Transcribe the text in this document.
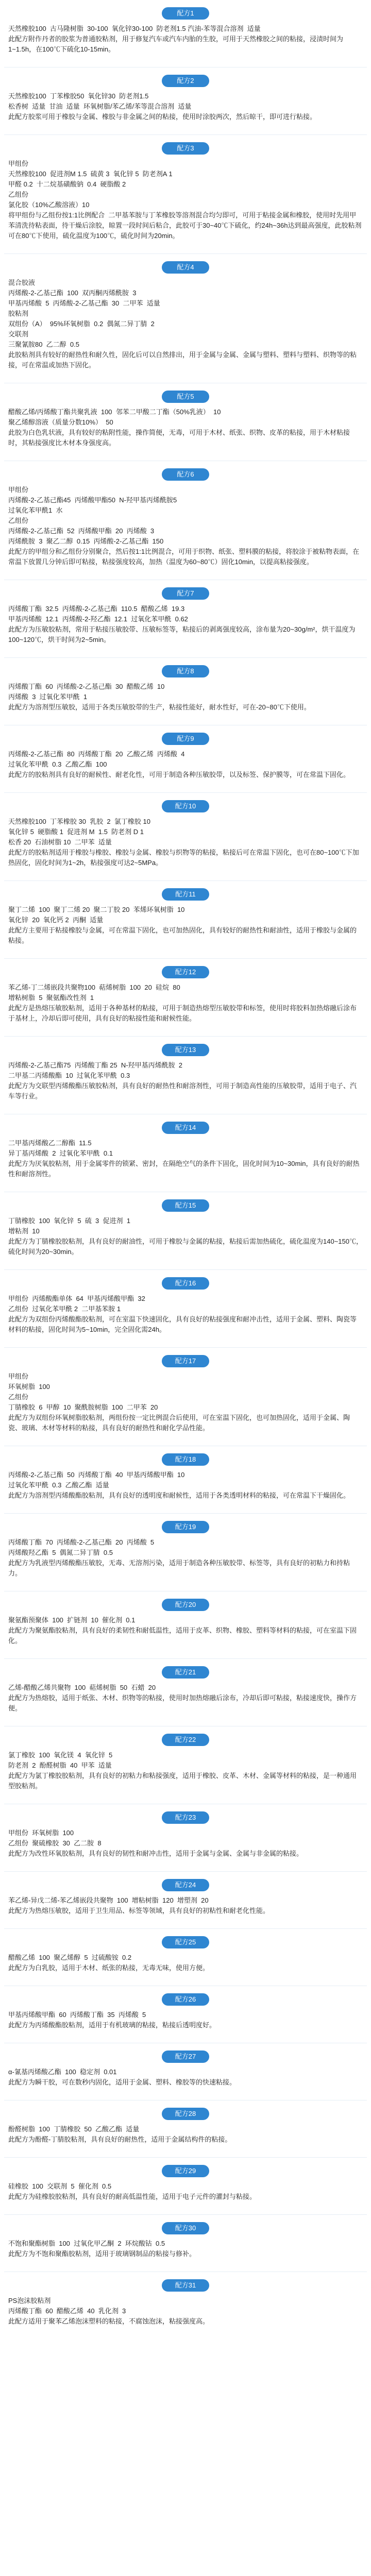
配方1
天然橡胶100  古马隆树脂  30-100  氧化锌30-100  防老剂1.5 汽油-苯等混合溶剂  适量
此配方附作丹者的胶浆为普通胶粘剂，用于修复汽车或汽车内胎的生胶，可用于天然橡胶之间的粘接，浸渍时间为1~1.5h，在100℃下硫化10-15min。
配方2
天然橡胶100  丁苯橡胶50  氧化锌30  防老剂1.5
松香树  适量  甘油  适量  环氧树脂/苯乙烯/苯等混合溶剂  适量
此配方胶浆可用于橡胶与金属、橡胶与非金属之间的粘接，使用时涂胶两次，然后晾干，即可进行粘接。
配方3
甲组份
天然橡胶100  促进剂M 1.5  硫黄 3  氧化锌 5  防老剂A 1
甲醛 0.2  十二烷基磺酸钠  0.4  硬脂酸 2
乙组份
氯化胶（10%乙酸溶液）10
将甲组份与乙组份按1:1比例配合  二甲基苯胺与丁苯橡胶等溶剂混合均匀即可，可用于粘接金属和橡胶，使用时先用甲苯清洗待粘表面，待干燥后涂胶，晾置一段时间后粘合，此胶可于30~40℃下硫化，约24h~36h达到最高强度，此胶粘剂可在80℃下使用，硫化温度为100℃，硫化时间为20min。
配方4
混合胶液
丙烯酸-2-乙基己酯  100  双丙酮丙烯酰胺  3
甲基丙烯酸  5  丙烯酸-2-乙基己酯  30  二甲苯  适量
胶粘剂
双组份（A）  95%环氧树脂  0.2  偶氮二异丁腈  2
交联剂
三聚氰胺80  乙二醇  0.5
此胶粘剂具有较好的耐热性和耐久性，固化后可以自然排出，用于金属与金属、金属与塑料、塑料与塑料、织物等的粘接，可在常温或加热下固化。
配方5
醋酸乙烯/丙烯酸丁酯共聚乳液  100  邻苯二甲酸二丁酯（50%乳液）  10
聚乙烯醇溶液（质量分数10%）  50
此胶为白色乳状液，具有较好的粘附性能，操作简便，无毒，可用于木材、纸张、织物、皮革的粘接，用于木材粘接时，其粘接强度比木材本身强度高。
配方6
甲组份
丙烯酸-2-乙基己酯45  丙烯酸甲酯50  N-羟甲基丙烯酰胺5
过氧化苯甲酰1  水
乙组份
丙烯酸-2-乙基己酯  52  丙烯酸甲酯  20  丙烯酸  3
丙烯酰胺  3  聚乙二醇  0.15  丙烯酸-2-乙基己酯  150
此配方的甲组分和乙组份分别聚合，然后按1:1比例混合，可用于织物、纸张、塑料膜的粘接，将胶涂于被粘物表面，在常温下放置几分钟后即可粘接，粘接强度较高，加热（温度为60~80℃）固化10min，以提高粘接强度。
配方7
丙烯酸丁酯  32.5  丙烯酸-2-乙基己酯  110.5  醋酸乙烯  19.3
甲基丙烯酸  12.1  丙烯酸-2-羟乙酯  12.1  过氧化苯甲酰  0.62
此配方为压敏胶粘剂，常用于粘接压敏胶带、压敏标签等，粘接后的剥离强度较高，涂布量为20~30g/m²，烘干温度为100~120℃，烘干时间为2~5min。
配方8
丙烯酸丁酯  60  丙烯酸-2-乙基己酯  30  醋酸乙烯  10
丙烯酸  3  过氧化苯甲酰  1
此配方为溶剂型压敏胶，适用于各类压敏胶带的生产，粘接性能好，耐水性好，可在-20~80℃下使用。
配方9
丙烯酸-2-乙基己酯  80  丙烯酸丁酯  20  乙酸乙烯  丙烯酸  4
过氧化苯甲酰  0.3  乙酸乙酯  100
此配方的胶粘剂具有良好的耐候性、耐老化性，可用于制造各种压敏胶带，以及标签、保护膜等，可在常温下固化。
配方10
天然橡胶100  丁苯橡胶 30  乳胶  2  氯丁橡胶 10
氧化锌 5  硬脂酸 1  促进剂 M  1.5  防老剂 D 1
松香 20  石油树脂 10  二甲苯  适量
此配方的胶粘剂适用于橡胶与橡胶、橡胶与金属、橡胶与织物等的粘接，粘接后可在常温下固化，也可在80~100℃下加热固化，固化时间为1~2h，粘接强度可达2~5MPa。
配方11
聚丁二烯  100  聚丁二烯 20  聚二丁胶 20  苯烯环氧树脂  10
氧化锌  20  氧化钙 2  丙酮  适量
此配方主要用于粘接橡胶与金属，可在常温下固化，也可加热固化，具有较好的耐热性和耐油性，适用于橡胶与金属的粘接。
配方12
苯乙烯-丁二烯嵌段共聚物100  萜烯树脂  100  20  硅烷  80
增粘树脂  5  聚氨酯改性剂  1
此配方是热熔压敏胶粘剂，适用于各种基材的粘接，可用于制造热熔型压敏胶带和标签，使用时将胶料加热熔融后涂布于基材上，冷却后即可使用，具有良好的粘接性能和耐候性能。
配方13
丙烯酸-2-乙基己酯75  丙烯酸丁酯 25  N-羟甲基丙烯酰胺  2
二甲基二丙烯酸酯  10  过氧化苯甲酰  0.3
此配方为交联型丙烯酸酯压敏胶粘剂，具有良好的耐热性和耐溶剂性，可用于制造高性能的压敏胶带，适用于电子、汽车等行业。
配方14
二甲基丙烯酸乙二醇酯  11.5
异丁基丙烯酸  2  过氧化苯甲酰  0.1
此配方为厌氧胶粘剂，用于金属零件的锁紧、密封，在隔绝空气的条件下固化，固化时间为10~30min，具有良好的耐热性和耐溶剂性。
配方15
丁腈橡胶  100  氧化锌  5  硫  3  促进剂  1
增粘剂  10
此配方为丁腈橡胶胶粘剂，具有良好的耐油性，可用于橡胶与金属的粘接，粘接后需加热硫化，硫化温度为140~150℃，硫化时间为20~30min。
配方16
甲组份  丙烯酸酯单体  64  甲基丙烯酸甲酯  32
乙组份  过氧化苯甲酰 2  二甲基苯胺 1
此配方为双组份丙烯酸酯胶粘剂，可在室温下快速固化，具有良好的粘接强度和耐冲击性，适用于金属、塑料、陶瓷等材料的粘接，固化时间为5~10min，完全固化需24h。
配方17
甲组份
环氧树脂  100
乙组份
丁腈橡胶  6  甲醇  10  聚酰胺树脂  100  二甲苯  20
此配方为双组份环氧树脂胶粘剂，两组份按一定比例混合后使用，可在室温下固化，也可加热固化，适用于金属、陶瓷、玻璃、木材等材料的粘接，具有良好的耐热性和耐化学品性能。
配方18
丙烯酸-2-乙基己酯  50  丙烯酸丁酯  40  甲基丙烯酸甲酯  10
过氧化苯甲酰  0.3  乙酸乙酯  适量
此配方为溶剂型丙烯酸酯胶粘剂，具有良好的透明度和耐候性，适用于各类透明材料的粘接，可在常温下干燥固化。
配方19
丙烯酸丁酯  70  丙烯酸-2-乙基己酯  20  丙烯酸  5
丙烯酸羟乙酯  5  偶氮二异丁腈  0.5
此配方为乳液型丙烯酸酯压敏胶，无毒、无溶剂污染，适用于制造各种压敏胶带、标签等，具有良好的初粘力和持粘力。
配方20
聚氨酯预聚体  100  扩链剂  10  催化剂  0.1
此配方为聚氨酯胶粘剂，具有良好的柔韧性和耐低温性，适用于皮革、织物、橡胶、塑料等材料的粘接，可在室温下固化。
配方21
乙烯-醋酸乙烯共聚物  100  萜烯树脂  50  石蜡  20
此配方为热熔胶，适用于纸张、木材、织物等的粘接，使用时加热熔融后涂布，冷却后即可粘接，粘接速度快，操作方便。
配方22
氯丁橡胶  100  氧化镁  4  氧化锌  5
防老剂  2  酚醛树脂  40  甲苯  适量
此配方为氯丁橡胶胶粘剂，具有良好的初粘力和粘接强度，适用于橡胶、皮革、木材、金属等材料的粘接，是一种通用型胶粘剂。
配方23
甲组份  环氧树脂  100
乙组份  聚硫橡胶  30  乙二胺  8
此配方为改性环氧胶粘剂，具有良好的韧性和耐冲击性，适用于金属与金属、金属与非金属的粘接。
配方24
苯乙烯-异戊二烯-苯乙烯嵌段共聚物  100  增粘树脂  120  增塑剂  20
此配方为热熔压敏胶，适用于卫生用品、标签等领域，具有良好的初粘性和耐老化性能。
配方25
醋酸乙烯  100  聚乙烯醇  5  过硫酸铵  0.2
此配方为白乳胶，适用于木材、纸张的粘接，无毒无味，使用方便。
配方26
甲基丙烯酸甲酯  60  丙烯酸丁酯  35  丙烯酸  5
此配方为丙烯酸酯胶粘剂，适用于有机玻璃的粘接，粘接后透明度好。
配方27
α-氰基丙烯酸乙酯  100  稳定剂  0.01
此配方为瞬干胶，可在数秒内固化，适用于金属、塑料、橡胶等的快速粘接。
配方28
酚醛树脂  100  丁腈橡胶  50  乙酸乙酯  适量
此配方为酚醛-丁腈胶粘剂，具有良好的耐热性，适用于金属结构件的粘接。
配方29
硅橡胶  100  交联剂  5  催化剂  0.5
此配方为硅橡胶胶粘剂，具有良好的耐高低温性能，适用于电子元件的灌封与粘接。
配方30
不饱和聚酯树脂  100  过氧化甲乙酮  2  环烷酸钴  0.5
此配方为不饱和聚酯胶粘剂，适用于玻璃钢制品的粘接与修补。
配方31
PS泡沫胶粘剂
丙烯酸丁酯  60  醋酸乙烯  40  乳化剂  3
此配方适用于聚苯乙烯泡沫塑料的粘接，不腐蚀泡沫，粘接强度高。
